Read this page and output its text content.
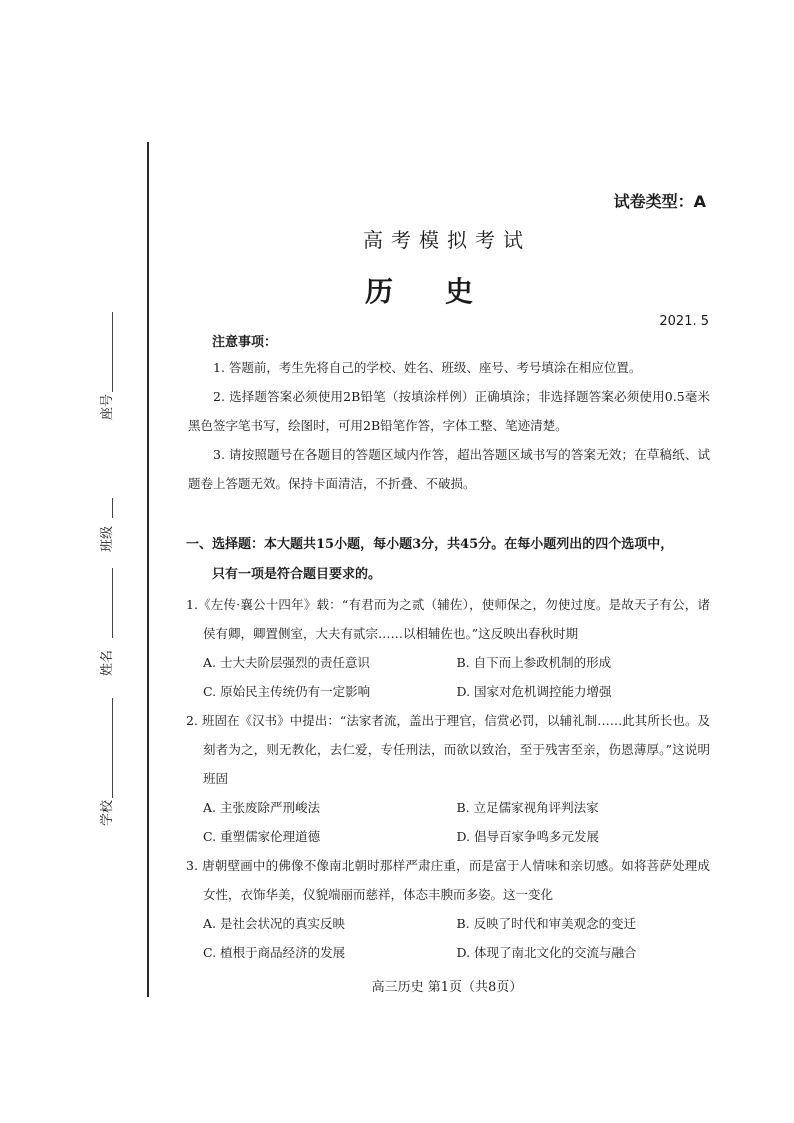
座号
班级
姓名
学校
试卷类型：A
高考模拟考试
历史
2021. 5
注意事项：

1. 答题前，考生先将自己的学校、姓名、班级、座号、考号填涂在相应位置。

2. 选择题答案必须使用2B铅笔（按填涂样例）正确填涂；非选择题答案必须使用0.5毫米黑色签字笔书写，绘图时，可用2B铅笔作答，字体工整、笔迹清楚。

3. 请按照题号在各题目的答题区域内作答，超出答题区域书写的答案无效；在草稿纸、试题卷上答题无效。保持卡面清洁，不折叠、不破损。

一、选择题：本大题共15小题，每小题3分，共45分。在每小题列出的四个选项中，
只有一项是符合题目要求的。
1.《左传·襄公十四年》载：“有君而为之贰（辅佐），使师保之，勿使过度。是故天子有公，诸侯有卿，卿置侧室，大夫有贰宗……以相辅佐也。”这反映出春秋时期
A. 士大夫阶层强烈的责任意识	B. 自下而上参政机制的形成
C. 原始民主传统仍有一定影响	D. 国家对危机调控能力增强
2. 班固在《汉书》中提出：“法家者流，盖出于理官，信赏必罚，以辅礼制……此其所长也。及刻者为之，则无教化，去仁爱，专任刑法，而欲以致治，至于残害至亲，伤恩薄厚。”这说明班固
A. 主张废除严刑峻法	B. 立足儒家视角评判法家
C. 重塑儒家伦理道德	D. 倡导百家争鸣多元发展
3. 唐朝壁画中的佛像不像南北朝时那样严肃庄重，而是富于人情味和亲切感。如将菩萨处理成女性，衣饰华美，仪貌端丽而慈祥，体态丰腴而多姿。这一变化
A. 是社会状况的真实反映	B. 反映了时代和审美观念的变迁
C. 植根于商品经济的发展	D. 体现了南北文化的交流与融合
高三历史 第1页（共8页）
